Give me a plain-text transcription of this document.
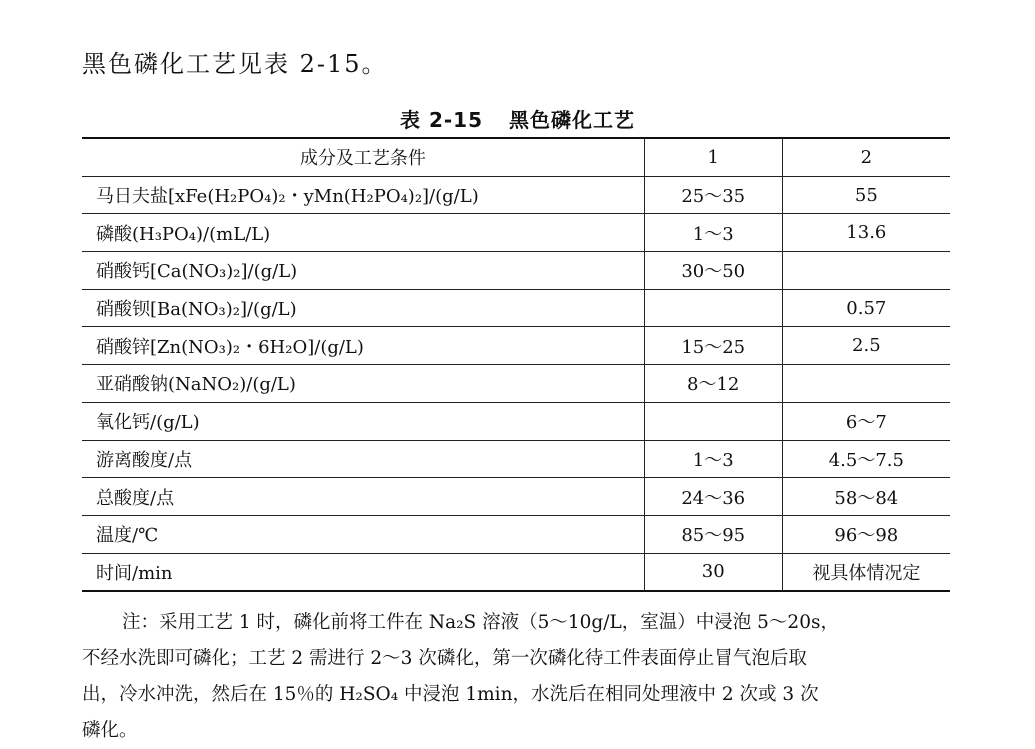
黑色磷化工艺见表 2-15。
表 2-15 黑色磷化工艺
成分及工艺条件	1	2
马日夫盐[xFe(H₂PO₄)₂・yMn(H₂PO₄)₂]/(g/L)	25～35	55
磷酸(H₃PO₄)/(mL/L)	1～3	13.6
硝酸钙[Ca(NO₃)₂]/(g/L)	30～50	
硝酸钡[Ba(NO₃)₂]/(g/L)		0.57
硝酸锌[Zn(NO₃)₂・6H₂O]/(g/L)	15～25	2.5
亚硝酸钠(NaNO₂)/(g/L)	8～12	
氧化钙/(g/L)		6～7
游离酸度/点	1～3	4.5～7.5
总酸度/点	24～36	58～84
温度/℃	85～95	96～98
时间/min	30	视具体情况定

注：采用工艺 1 时，磷化前将工件在 Na₂S 溶液（5～10g/L，室温）中浸泡 5～20s，

不经水洗即可磷化；工艺 2 需进行 2～3 次磷化，第一次磷化待工件表面停止冒气泡后取

出，冷水冲洗，然后在 15％的 H₂SO₄ 中浸泡 1min，水洗后在相同处理液中 2 次或 3 次

磷化。
